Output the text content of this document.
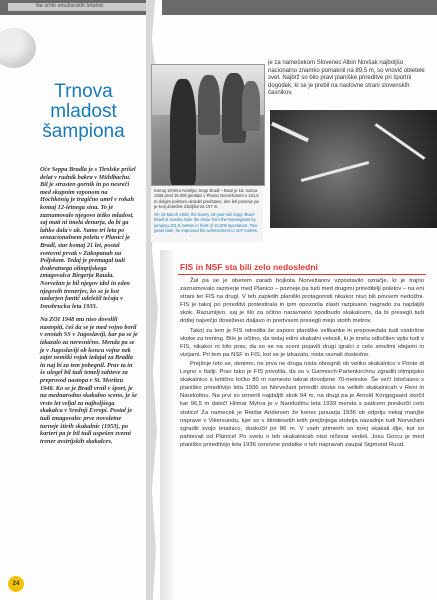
Na vrhih smučarskih letalnic
Trnova
mladost
šampiona

Oče Seppa Bradla je s Tirolske prišel delat v rudnik bakra v Mühlbachu. Bil je strasten gornik in po nesreči med skupnim vzponom na Hochkönig je tragično umrl v rokah komaj 12-letnega sina. To je zaznamovalo njegovo težko mladost, saj mati ni imela denarja, da bi ga lahko dala v uk. Samo tri leta po senzacionalnem poletu v Planici je Bradl, star komaj 21 let, postal svetovni prvak v Zakopanah na Poljskem. Tedaj je premagal tudi dvakratnega olimpijskega zmagovalca Birgerja Rauda. Norvežan je bil njegov idol in eden njegovih trenerjev, ko se je kot nadarjen fantič udeležil tečaja v Innsbrucku leta 1933.

Na ZOI 1948 mu niso dovolili nastopiti, češ da se je med vojno boril v enotah SS v Jugoslaviji, kar pa se je izkazalo za neresnično. Menda pa se je v Jugoslaviji ob koncu vojne nek zajet nemški vojak izdajal za Bradla in naj bi za tem pobegnil. Prav ta in še ulegel bil tudi temelj zahteve za preprovod nastopa v St. Moritzu 1948. Ko se je Bradl vrnil v šport, je na mednarodno skakalno sceno, je še vrsto let veljal za najboljšega skakalca v Srednji Evropi. Postal je tudi zmagovalec prve novoletne turneje štirih skakalnic (1953), po karieri pa je bil tudi uspešen zvezni trener avstrijskih skakalcev.

24
je za namečekom Slovenec Albin Novšak najboljšo nacionalno znamko pomaknil na 89,5 m, so vnovič obletele svet. Najbrž so bilo pravi planiške prireditve pri športni dogodek, ki se je prebil na naslovne strani slovenskih časnikov.

Komaj 18-letni Avstrijec Sepp Bradl – Buwi je 15. marca 1936 pred 15.000 gledalci v Planici Norvežanom s 101,5 m dolgim poletom ukradel predstavo, dve leti pozneje pa je svoj dosežek izboljšal na 107 m.

On 15 March 1936, the barely 18-year-old Sepp 'Buwi' Bradl of Austria stole the show from the Norwegians by jumping 101.5 metres in front of 15,000 spectators. Two years later, he improved his achievement to 107 metres.

FIS in NSF sta bili zelo nedosledni

Žal pa se je oberem zaradi bojkota Norvežanov vzpostavilo ozračje, ki je trajno zaznamovalo razmerje med Planico – pozneje pa tudi med drugimi prireditelji poletov – na eni strani ter FIS na drugi. V teh zapletih planiški protagonisti nikakor niso bili povsem nedolžni. FIS je takoj po prireditvi protestirala in ipm opozorila zlasti razpisano nagrado za najdaljši skok. Razumljivo, saj je šlo za očitno naravnano spodbudo skakalcem, da bi presegli tudi dotlej največjo dosežено daljavo in predvsem presegli mejo stotih metrov.

Takoj za tem je FIS odredila še zaporo planiške velikanke in prepovedala tudi vsakršne skoke za trening. Bilo je očitno, da tedaj edini skakalni velesili, ki je imela odločilen vpliv tudi v FIS, nikakor ni bilo prav, da so se na sceni pojavili drugi igralci z celo smelimi idejami in vizijami. Pri tem pa NSF in FIS, kot se je izkazalo, nista ravnali dosledno.

Prejšnje leto se, denimo, ne prva ne druga nista obregnili ob veliko skakalnico v Ponte di Legno v Italiji. Prav tako je FIS privolila, da so v Garmisch-Partenkirchnu zgradili olimpijsko skakalnico s kritično točko 80 m namesto takrat dovoljene 70-metrske. Še več! Istočasno s planiško prireditvijo leta 1936 so Norvežani priredili skoke na velikih skakalnicah v Reni in Narekoltnu. Na prvi so izmerili najdaljši skok 94 m, na drugi pa je Arnold Kongsgaard skočil kar 96,5 m daleč! Hilmar Myhra je v Narekoltnu leta 1939 menda s padcem preskočil celo stotico! Za namecek je Reidar Andersen že konec januarja 1936 ob odprtju nekaj manjše naprave v Vikersundu, kjer so v štiridesetih letih prejšnjega stoletja nazadnje tudi Norvežani zgradili svojo letalnico, doskočil pri 86 m. V vseh primerih so torej skakali dlje, kot so pahtevali od Planice! Po svetu o teh skakalnicah niso ničesar vedeli. Josu Gorcu je med planiško prireditvijo leta 1936 osnovne podatke o teh napravah zaupal Sigmund Ruud.
